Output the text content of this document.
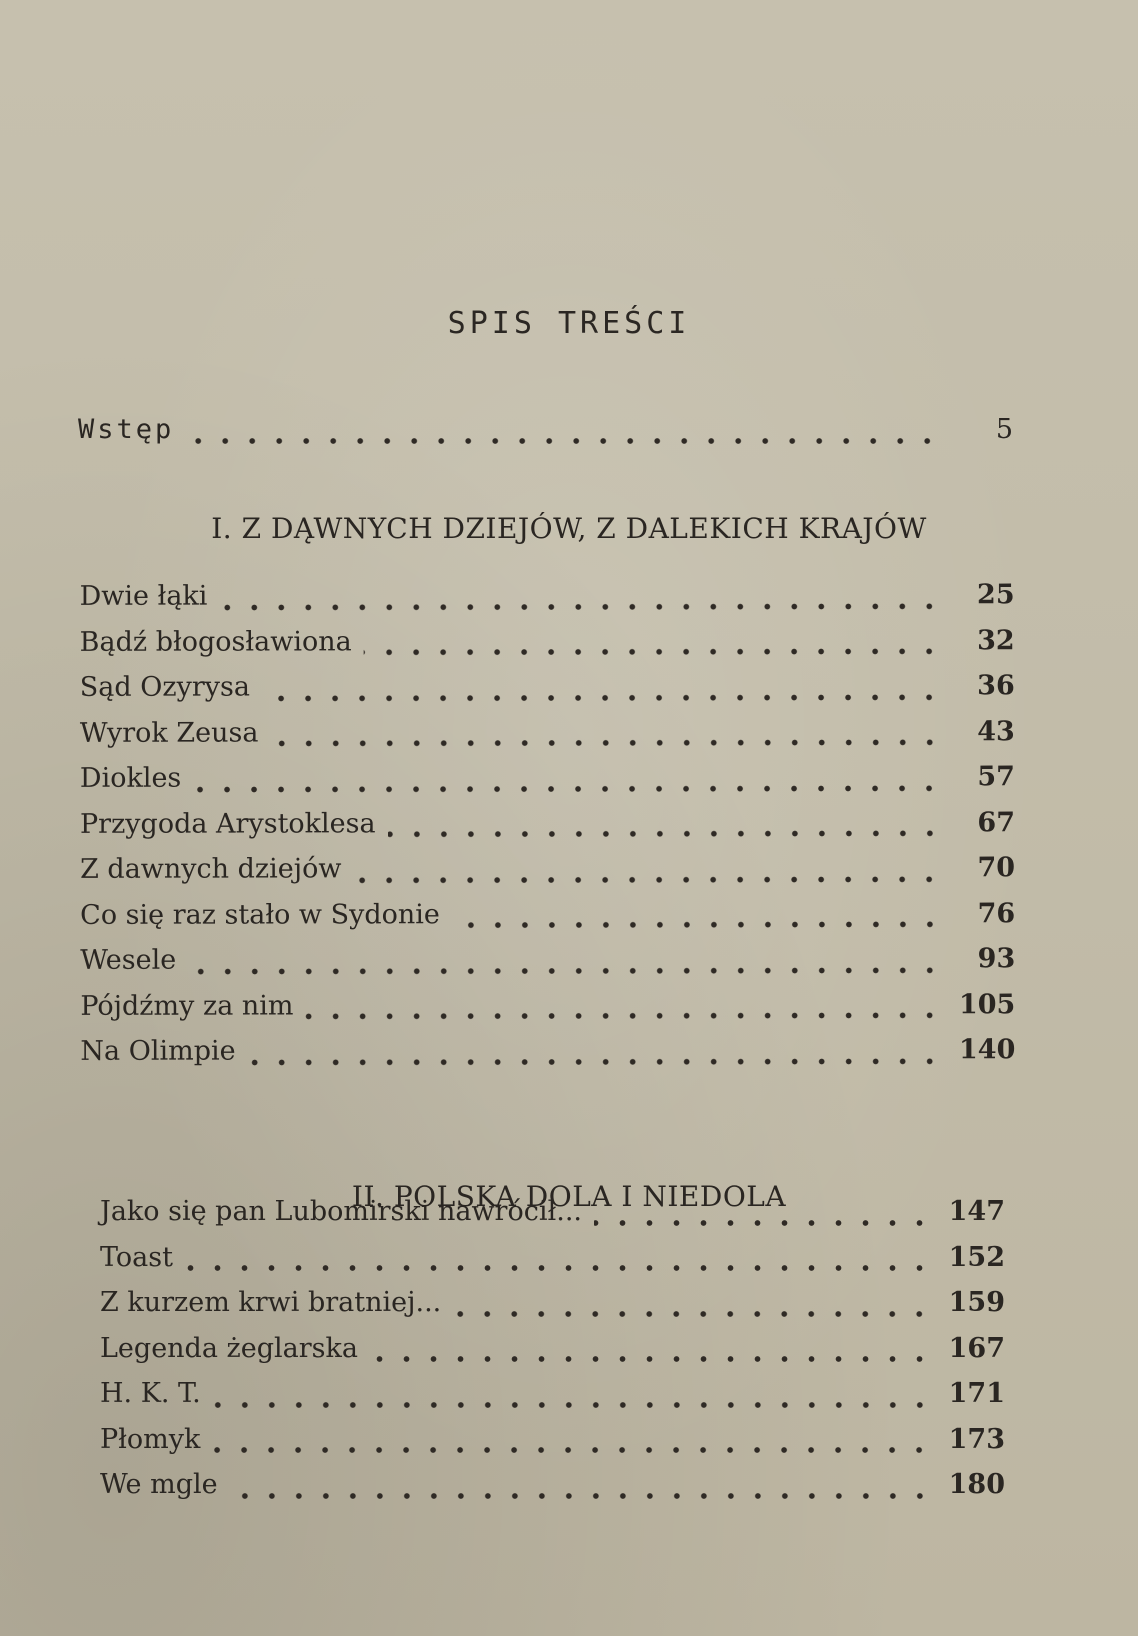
SPIS TREŚCI
Wstęp	5
I. Z DĄWNYCH DZIEJÓW, Z DALEKICH KRAJÓW
Dwie łąki	25
Bądź błogosławiona	32
Sąd Ozyrysa	36
Wyrok Zeusa	43
Diokles	57
Przygoda Arystoklesa	67
Z dawnych dziejów	70
Co się raz stało w Sydonie	76
Wesele	93
Pójdźmy za nim	105
Na Olimpie	140
II. POLSKA DOLA I NIEDOLA
Jako się pan Lubomirski nawrócił...	147
Toast	152
Z kurzem krwi bratniej...	159
Legenda żeglarska	167
H. K. T.	171
Płomyk	173
We mgle	180
